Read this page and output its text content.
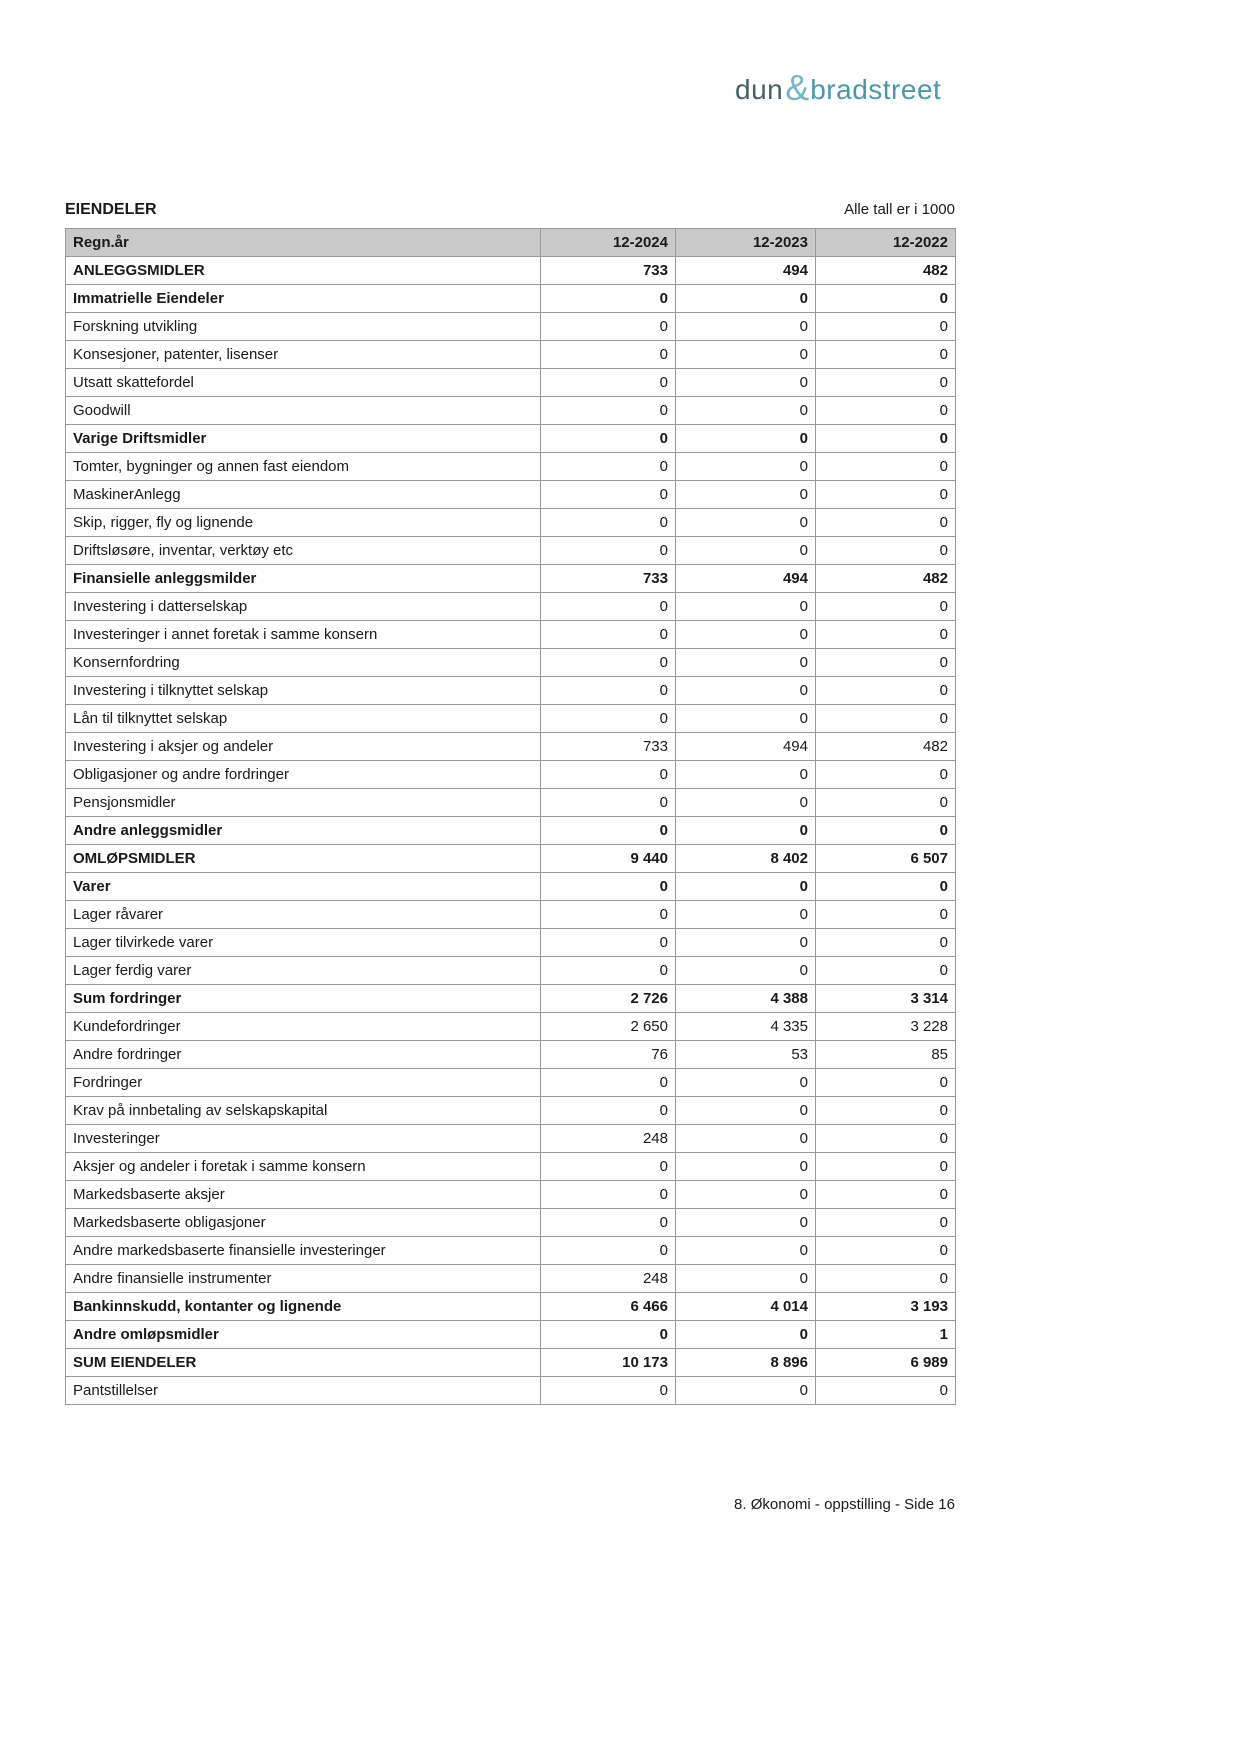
dun & bradstreet
EIENDELER	Alle tall er i 1000
Regn.år	12-2024	12-2023	12-2022
ANLEGGSMIDLER	733	494	482
Immatrielle Eiendeler	0	0	0
Forskning utvikling	0	0	0
Konsesjoner, patenter, lisenser	0	0	0
Utsatt skattefordel	0	0	0
Goodwill	0	0	0
Varige Driftsmidler	0	0	0
Tomter, bygninger og annen fast eiendom	0	0	0
MaskinerAnlegg	0	0	0
Skip, rigger, fly og lignende	0	0	0
Driftsløsøre, inventar, verktøy etc	0	0	0
Finansielle anleggsmilder	733	494	482
Investering i datterselskap	0	0	0
Investeringer i annet foretak i samme konsern	0	0	0
Konsernfordring	0	0	0
Investering i tilknyttet selskap	0	0	0
Lån til tilknyttet selskap	0	0	0
Investering i aksjer og andeler	733	494	482
Obligasjoner og andre fordringer	0	0	0
Pensjonsmidler	0	0	0
Andre anleggsmidler	0	0	0
OMLØPSMIDLER	9 440	8 402	6 507
Varer	0	0	0
Lager råvarer	0	0	0
Lager tilvirkede varer	0	0	0
Lager ferdig varer	0	0	0
Sum fordringer	2 726	4 388	3 314
Kundefordringer	2 650	4 335	3 228
Andre fordringer	76	53	85
Fordringer	0	0	0
Krav på innbetaling av selskapskapital	0	0	0
Investeringer	248	0	0
Aksjer og andeler i foretak i samme konsern	0	0	0
Markedsbaserte aksjer	0	0	0
Markedsbaserte obligasjoner	0	0	0
Andre markedsbaserte finansielle investeringer	0	0	0
Andre finansielle instrumenter	248	0	0
Bankinnskudd, kontanter og lignende	6 466	4 014	3 193
Andre omløpsmidler	0	0	1
SUM EIENDELER	10 173	8 896	6 989
Pantstillelser	0	0	0
8. Økonomi - oppstilling - Side 16
